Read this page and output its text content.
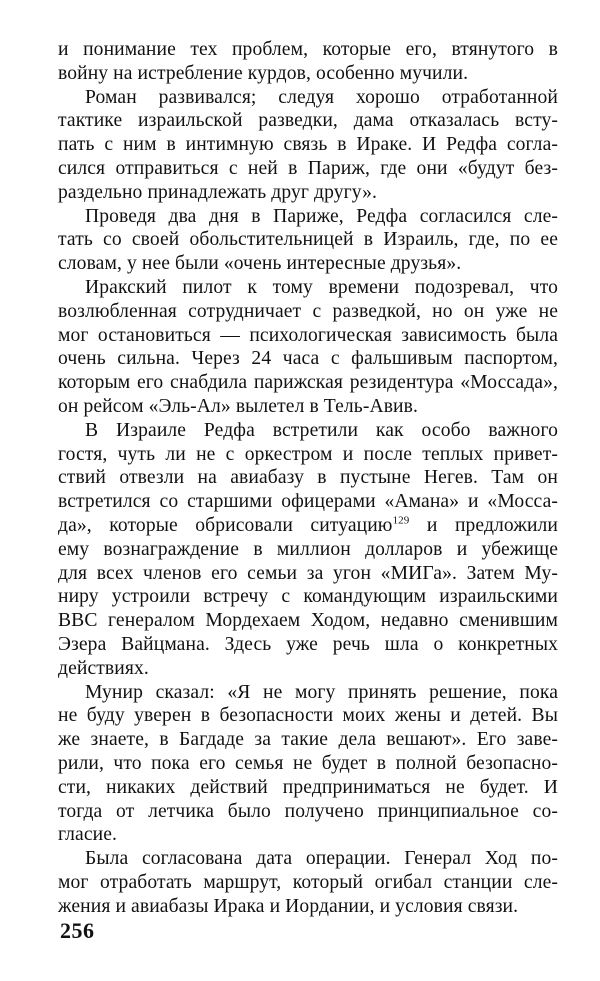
и понимание тех проблем, которые его, втянутого в
войну на истребление курдов, особенно мучили.
Роман развивался; следуя хорошо отработанной
тактике израильской разведки, дама отказалась всту-
пать с ним в интимную связь в Ираке. И Редфа согла-
сился отправиться с ней в Париж, где они «будут без-
раздельно принадлежать друг другу».
Проведя два дня в Париже, Редфа согласился сле-
тать со своей обольстительницей в Израиль, где, по ее
словам, у нее были «очень интересные друзья».
Иракский пилот к тому времени подозревал, что
возлюбленная сотрудничает с разведкой, но он уже не
мог остановиться — психологическая зависимость была
очень сильна. Через 24 часа с фальшивым паспортом,
которым его снабдила парижская резидентура «Моссада»,
он рейсом «Эль-Ал» вылетел в Тель-Авив.
В Израиле Редфа встретили как особо важного
гостя, чуть ли не с оркестром и после теплых привет-
ствий отвезли на авиабазу в пустыне Негев. Там он
встретился со старшими офицерами «Амана» и «Мосса-
да», которые обрисовали ситуацию$^{129}$ и предложили
ему вознаграждение в миллион долларов и убежище
для всех членов его семьи за угон «МИГа». Затем Му-
ниру устроили встречу с командующим израильскими
ВВС генералом Мордехаем Ходом, недавно сменившим
Эзера Вайцмана. Здесь уже речь шла о конкретных
действиях.
Мунир сказал: «Я не могу принять решение, пока
не буду уверен в безопасности моих жены и детей. Вы
же знаете, в Багдаде за такие дела вешают». Его заве-
рили, что пока его семья не будет в полной безопасно-
сти, никаких действий предприниматься не будет. И
тогда от летчика было получено принципиальное со-
гласие.
Была согласована дата операции. Генерал Ход по-
мог отработать маршрут, который огибал станции сле-
жения и авиабазы Ирака и Иордании, и условия связи.
256
